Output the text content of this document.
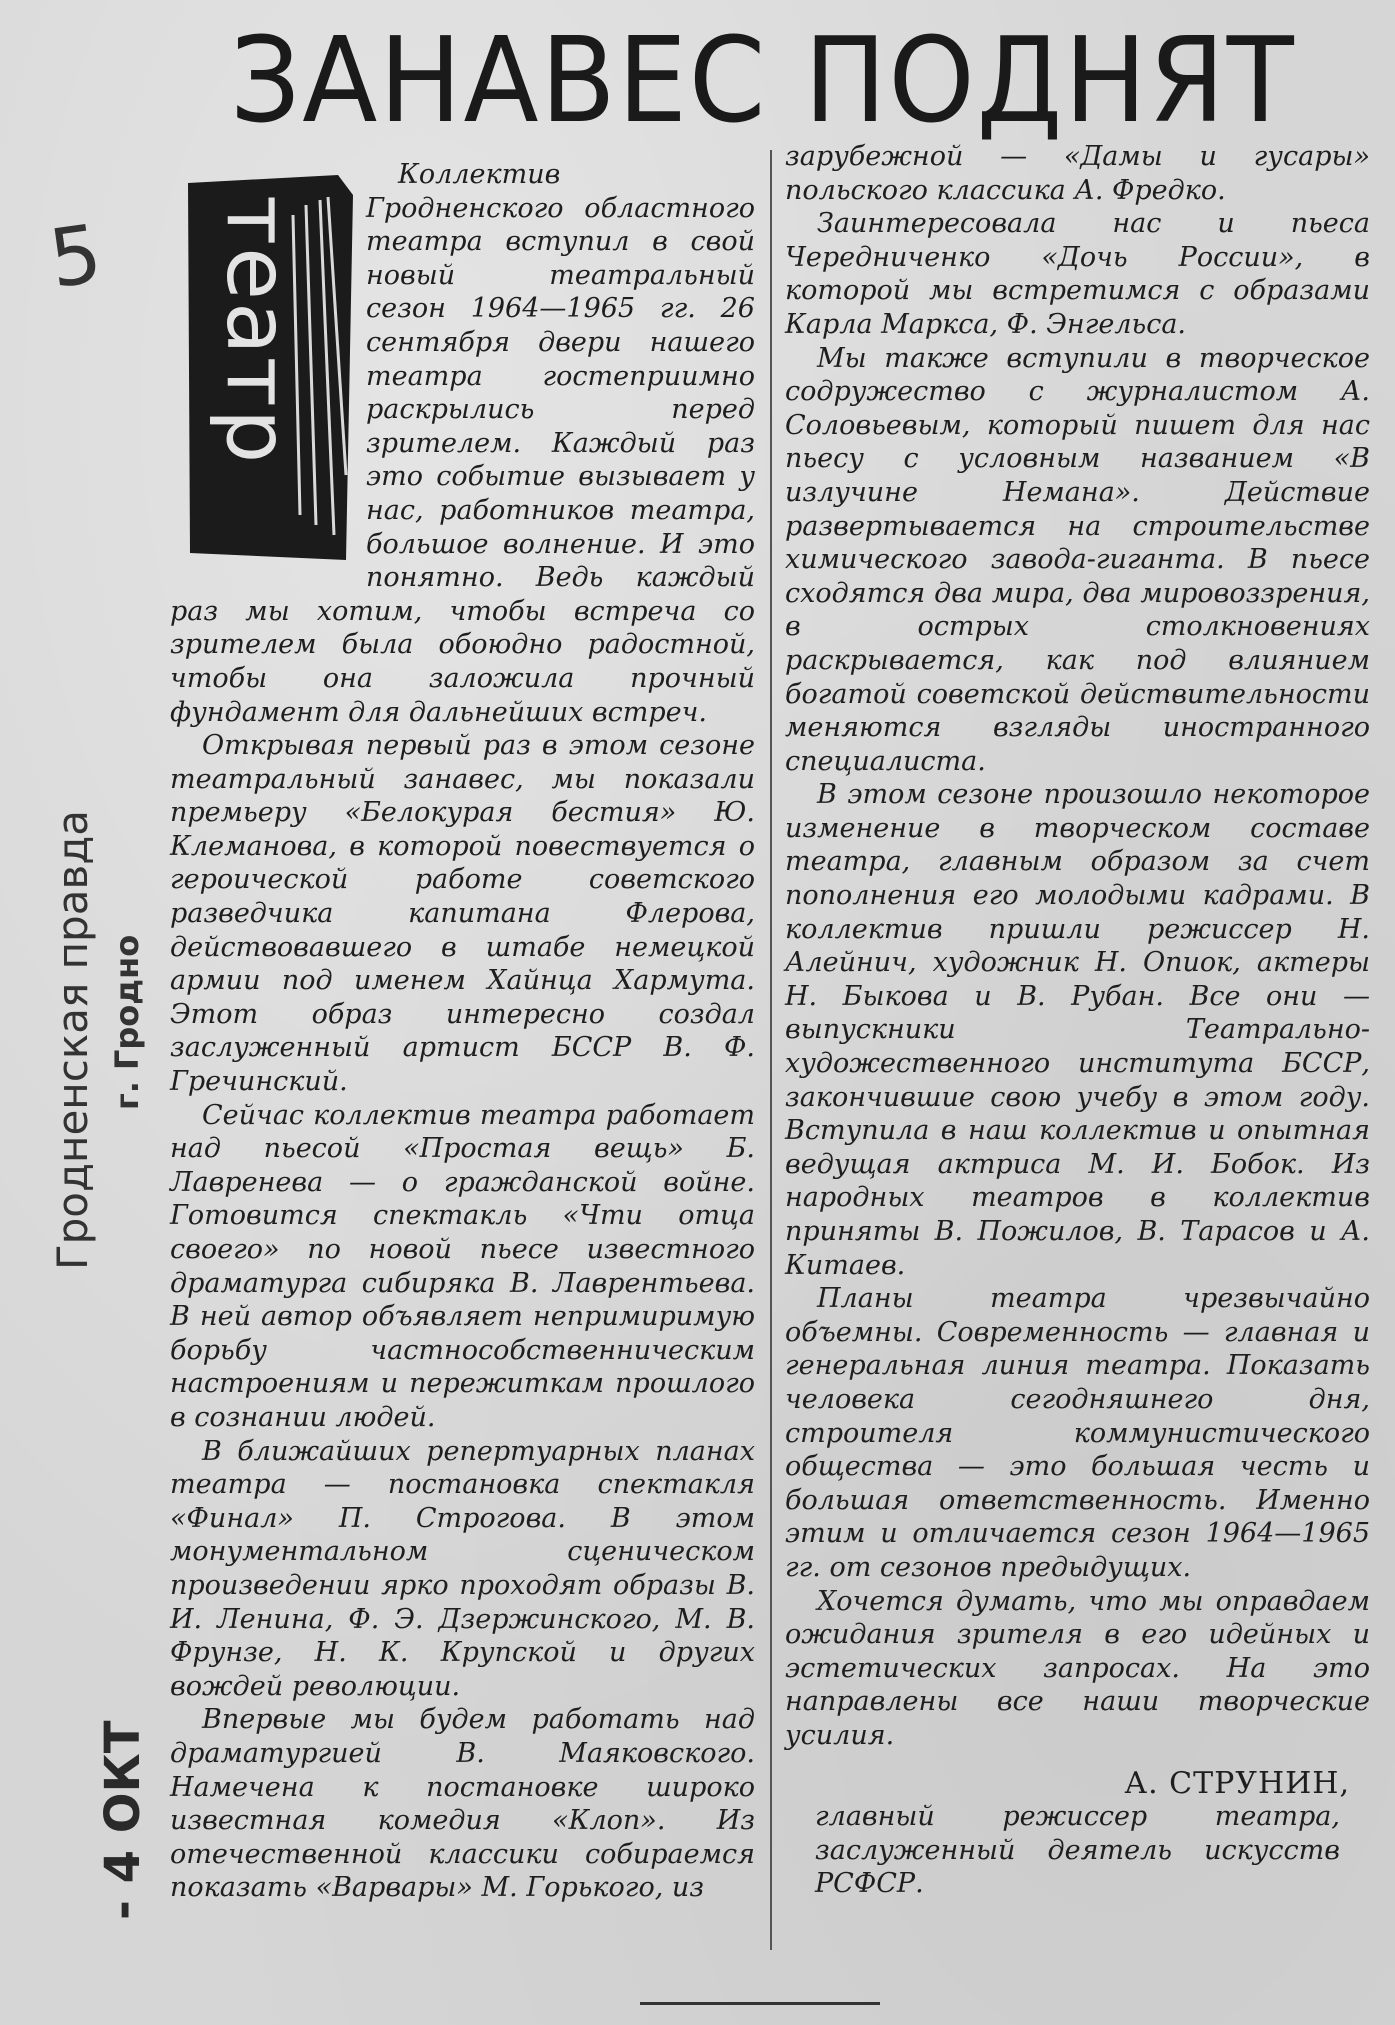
ЗАНАВЕС ПОДНЯТ
5
Гродненская правда г. Гродно
- 4 ОКТ
театр

Коллектив Гродненского областного театра вступил в свой новый театральный сезон 1964—1965 гг. 26 сентября двери нашего театра гостеприимно раскрылись перед зрителем. Каждый раз это событие вызывает у нас, работников театра, большое волнение. И это понятно. Ведь каждый раз мы хотим, чтобы встреча со зрителем была обоюдно радостной, чтобы она заложила прочный фундамент для дальнейших встреч.

Открывая первый раз в этом сезоне театральный занавес, мы показали премьеру «Белокурая бестия» Ю. Клеманова, в которой повествуется о героической работе советского разведчика капитана Флерова, действовавшего в штабе немецкой армии под именем Хайнца Хармута. Этот образ интересно создал заслуженный артист БССР В. Ф. Гречинский.

Сейчас коллектив театра работает над пьесой «Простая вещь» Б. Лавренева — о гражданской войне. Готовится спектакль «Чти отца своего» по новой пьесе известного драматурга сибиряка В. Лаврентьева. В ней автор объявляет непримиримую борьбу частнособственническим настроениям и пережиткам прошлого в сознании людей.

В ближайших репертуарных планах театра — постановка спектакля «Финал» П. Строгова. В этом монументальном сценическом произведении ярко проходят образы В. И. Ленина, Ф. Э. Дзержинского, М. В. Фрунзе, Н. К. Крупской и других вождей революции.

Впервые мы будем работать над драматургией В. Маяковского. Намечена к постановке широко известная комедия «Клоп». Из отечественной классики собираемся показать «Варвары» М. Горького, из

зарубежной — «Дамы и гусары» польского классика А. Фредко.

Заинтересовала нас и пьеса Чередниченко «Дочь России», в которой мы встретимся с образами Карла Маркса, Ф. Энгельса.

Мы также вступили в творческое содружество с журналистом А. Соловьевым, который пишет для нас пьесу с условным названием «В излучине Немана». Действие развертывается на строительстве химического завода-гиганта. В пьесе сходятся два мира, два мировоззрения, в острых столкновениях раскрывается, как под влиянием богатой советской действительности меняются взгляды иностранного специалиста.

В этом сезоне произошло некоторое изменение в творческом составе театра, главным образом за счет пополнения его молодыми кадрами. В коллектив пришли режиссер Н. Алейнич, художник Н. Опиок, актеры Н. Быкова и В. Рубан. Все они — выпускники Театрально-художественного института БССР, закончившие свою учебу в этом году. Вступила в наш коллектив и опытная ведущая актриса М. И. Бобок. Из народных театров в коллектив приняты В. Пожилов, В. Тарасов и А. Китаев.

Планы театра чрезвычайно объемны. Современность — главная и генеральная линия театра. Показать человека сегодняшнего дня, строителя коммунистического общества — это большая честь и большая ответственность. Именно этим и отличается сезон 1964—1965 гг. от сезонов предыдущих.

Хочется думать, что мы оправдаем ожидания зрителя в его идейных и эстетических запросах. На это направлены все наши творческие усилия.

А. СТРУНИН,

главный режиссер театра, заслуженный деятель искусств РСФСР.
